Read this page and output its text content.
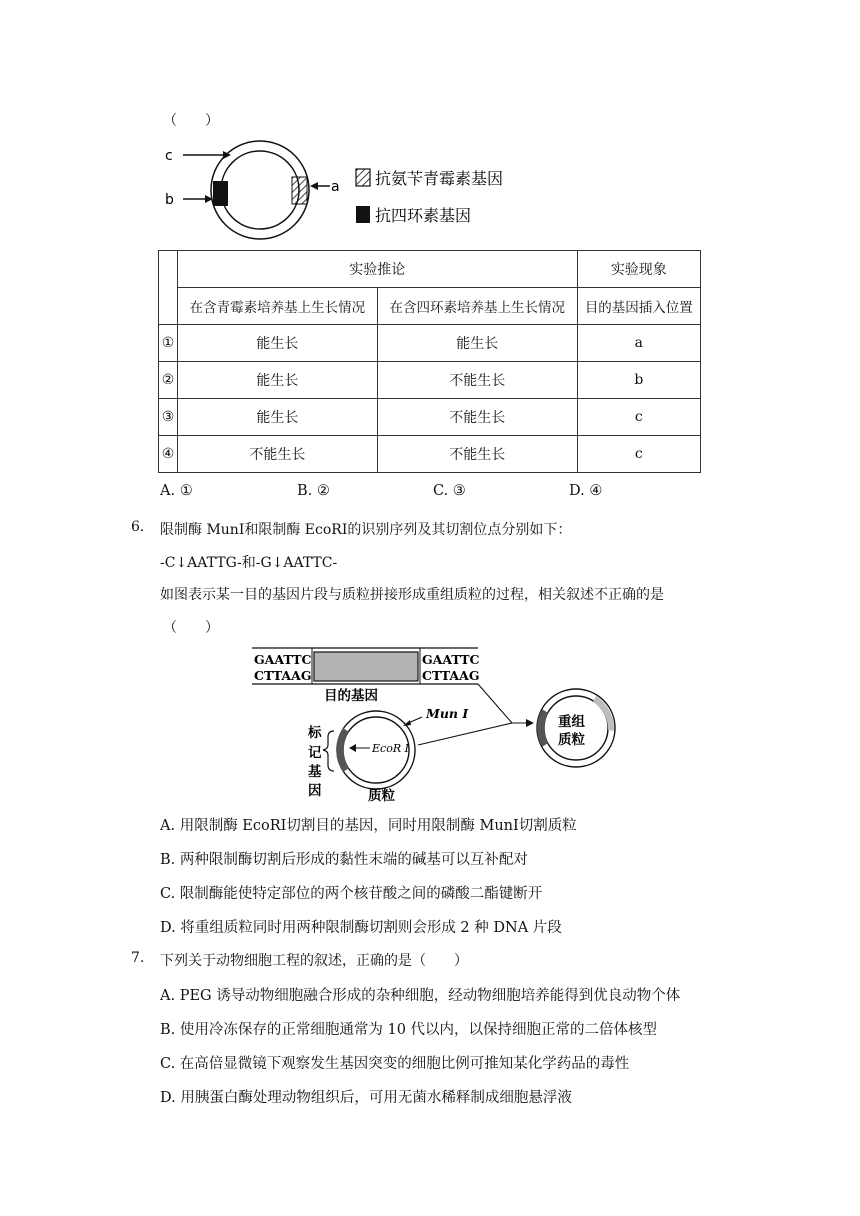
（　　）
c
b
a 抗氨苄青霉素基因
抗四环素基因
	实验推论		实验现象
	在含青霉素培养基上生长情况	在含四环素培养基上生长情况	目的基因插入位置
①	能生长	能生长	a
②	能生长	不能生长	b
③	能生长	不能生长	c
④	不能生长	不能生长	c
A. ①	B. ②	C. ③	D. ④
6. 限制酶 MunI和限制酶 EcoRI的识别序列及其切割位点分别如下：
-C↓AATTG-和-G↓AATTC-
如图表示某一目的基因片段与质粒拼接形成重组质粒的过程，相关叙述不正确的是
（　　）
GAATTC
CTTAAG
GAATTC
CTTAAG
目的基因
标
记
基
因
Mun Ⅰ
EcoR Ⅰ
质粒
重组
质粒
A. 用限制酶 EcoRI切割目的基因，同时用限制酶 MunI切割质粒
B. 两种限制酶切割后形成的黏性末端的碱基可以互补配对
C. 限制酶能使特定部位的两个核苷酸之间的磷酸二酯键断开
D. 将重组质粒同时用两种限制酶切割则会形成 2 种 DNA 片段
7. 下列关于动物细胞工程的叙述，正确的是（　　）
A. PEG 诱导动物细胞融合形成的杂种细胞，经动物细胞培养能得到优良动物个体
B. 使用冷冻保存的正常细胞通常为 10 代以内，以保持细胞正常的二倍体核型
C. 在高倍显微镜下观察发生基因突变的细胞比例可推知某化学药品的毒性
D. 用胰蛋白酶处理动物组织后，可用无菌水稀释制成细胞悬浮液
